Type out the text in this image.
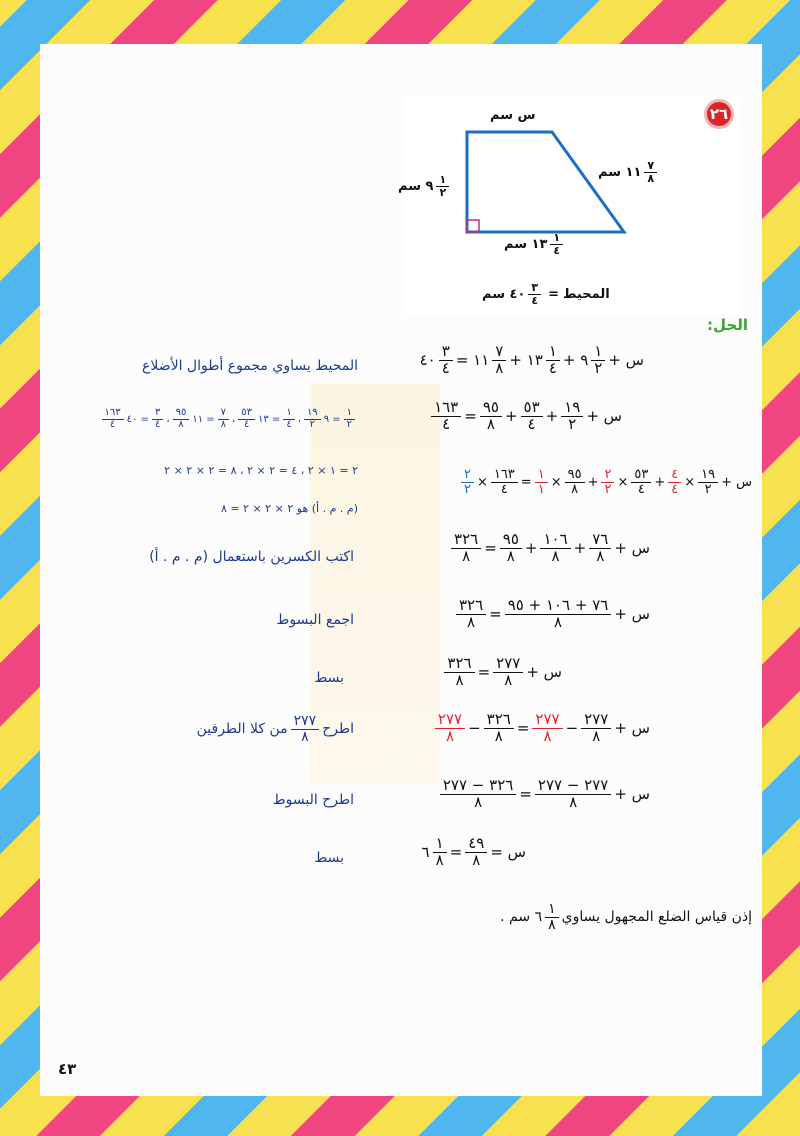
٢٦
س سم
$\frac{١}{٢}$
٩ سم
$\frac{٧}{٨}$
١١ سم
$\frac{١}{٤}$
١٣ سم
المحيط
=
$\frac{٣}{٤}$
٤٠ سم
الحل:
س +
$\frac{١}{٢}$
٩ +
$\frac{١}{٤}$
١٣ +
$\frac{٧}{٨}$
١١ =
$\frac{٣}{٤}$
٤٠
المحيط يساوي مجموع أطوال الأضلاع
س +
$\frac{١٩}{٢}$
+
$\frac{٥٣}{٤}$
+
$\frac{٩٥}{٨}$
=
$\frac{١٦٣}{٤}$
$\frac{١}{٢}$
= ٩
$\frac{١٩}{٢}$
،
$\frac{١}{٤}$
= ١٣
$\frac{٥٣}{٤}$
،
$\frac{٧}{٨}$
= ١١
$\frac{٩٥}{٨}$
،
$\frac{٣}{٤}$
= ٤٠
$\frac{١٦٣}{٤}$
س +
$\frac{١٩}{٢}$
×
$\frac{٤}{٤}$
+
$\frac{٥٣}{٤}$
×
$\frac{٢}{٢}$
+
$\frac{٩٥}{٨}$
×
$\frac{١}{١}$
=
$\frac{١٦٣}{٤}$
×
$\frac{٢}{٢}$
٢ = ١ × ٢ ، ٤ = ٢ × ٢ ، ٨ = ٢ × ٢ × ٢
(م . م . أ) هو ٢ × ٢ × ٢ = ٨
س +
$\frac{٧٦}{٨}$
+
$\frac{١٠٦}{٨}$
+
$\frac{٩٥}{٨}$
=
$\frac{٣٢٦}{٨}$
اكتب الكسرين باستعمال (م . م . أ)
س +
$\frac{٧٦ + ١٠٦ + ٩٥}{٨}$
=
$\frac{٣٢٦}{٨}$
اجمع البسوط
س +
$\frac{٢٧٧}{٨}$
=
$\frac{٣٢٦}{٨}$
بسط
س +
$\frac{٢٧٧}{٨}$
−
$\frac{٢٧٧}{٨}$
=
$\frac{٣٢٦}{٨}$
−
$\frac{٢٧٧}{٨}$
اطرح
$\frac{٢٧٧}{٨}$
من كلا الطرفين
س +
$\frac{٢٧٧ - ٢٧٧}{٨}$
=
$\frac{٣٢٦ - ٢٧٧}{٨}$
اطرح البسوط
س =
$\frac{٤٩}{٨}$
=
$\frac{١}{٨}$
٦
بسط
إذن قياس الضلع المجهول يساوي
$\frac{١}{٨}$
٦ سم .
٤٣
